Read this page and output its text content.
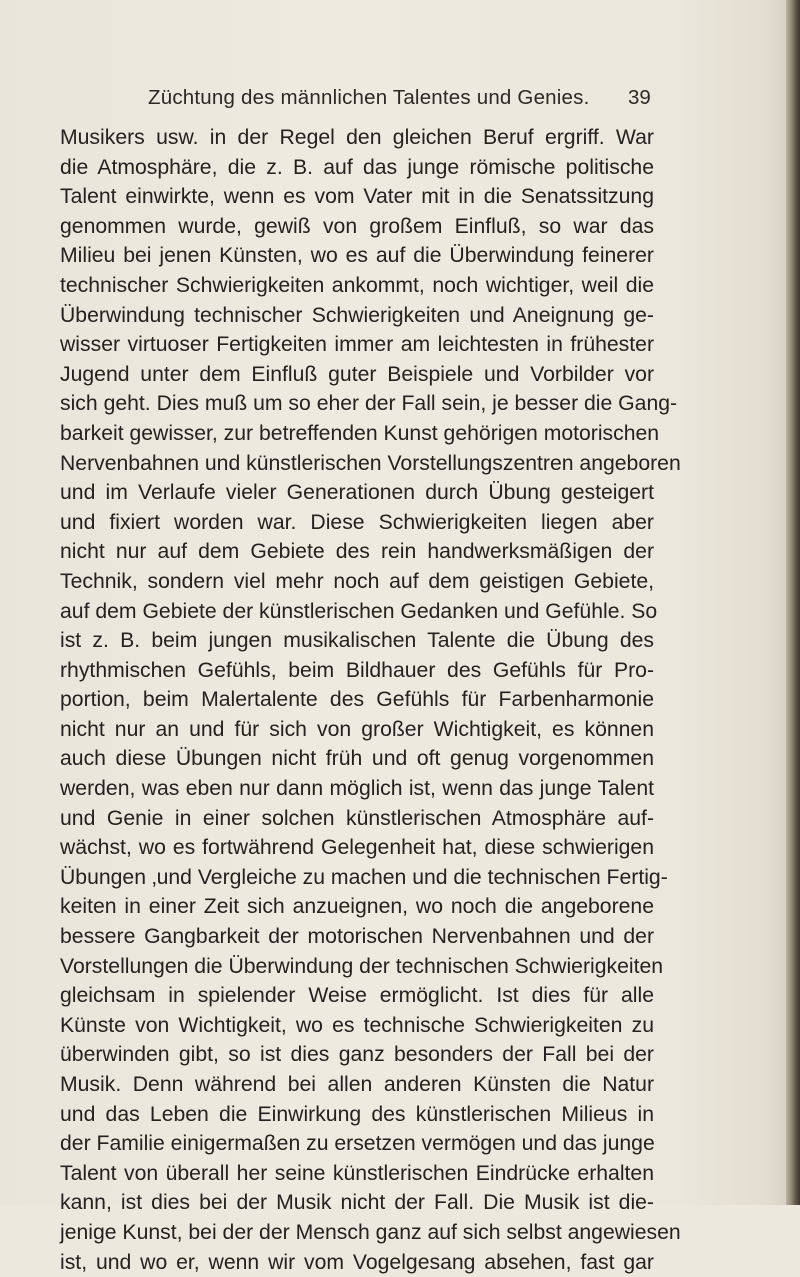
Züchtung des männlichen Talentes und Genies. 39
Musikers usw. in der Regel den gleichen Beruf ergriff. War
die Atmosphäre, die z. B. auf das junge römische politische
Talent einwirkte, wenn es vom Vater mit in die Senatssitzung
genommen wurde, gewiß von großem Einfluß, so war das
Milieu bei jenen Künsten, wo es auf die Überwindung feinerer
technischer Schwierigkeiten ankommt, noch wichtiger, weil die
Überwindung technischer Schwierigkeiten und Aneignung ge-
wisser virtuoser Fertigkeiten immer am leichtesten in frühester
Jugend unter dem Einfluß guter Beispiele und Vorbilder vor
sich geht. Dies muß um so eher der Fall sein, je besser die Gang-
barkeit gewisser, zur betreffenden Kunst gehörigen motorischen
Nervenbahnen und künstlerischen Vorstellungszentren angeboren
und im Verlaufe vieler Generationen durch Übung gesteigert
und fixiert worden war. Diese Schwierigkeiten liegen aber
nicht nur auf dem Gebiete des rein handwerksmäßigen der
Technik, sondern viel mehr noch auf dem geistigen Gebiete,
auf dem Gebiete der künstlerischen Gedanken und Gefühle. So
ist z. B. beim jungen musikalischen Talente die Übung des
rhythmischen Gefühls, beim Bildhauer des Gefühls für Pro-
portion, beim Malertalente des Gefühls für Farbenharmonie
nicht nur an und für sich von großer Wichtigkeit, es können
auch diese Übungen nicht früh und oft genug vorgenommen
werden, was eben nur dann möglich ist, wenn das junge Talent
und Genie in einer solchen künstlerischen Atmosphäre auf-
wächst, wo es fortwährend Gelegenheit hat, diese schwierigen
Übungen ‚und Vergleiche zu machen und die technischen Fertig-
keiten in einer Zeit sich anzueignen, wo noch die angeborene
bessere Gangbarkeit der motorischen Nervenbahnen und der
Vorstellungen die Überwindung der technischen Schwierigkeiten
gleichsam in spielender Weise ermöglicht. Ist dies für alle
Künste von Wichtigkeit, wo es technische Schwierigkeiten zu
überwinden gibt, so ist dies ganz besonders der Fall bei der
Musik. Denn während bei allen anderen Künsten die Natur
und das Leben die Einwirkung des künstlerischen Milieus in
der Familie einigermaßen zu ersetzen vermögen und das junge
Talent von überall her seine künstlerischen Eindrücke erhalten
kann, ist dies bei der Musik nicht der Fall. Die Musik ist die-
jenige Kunst, bei der der Mensch ganz auf sich selbst angewiesen
ist, und wo er, wenn wir vom Vogelgesang absehen, fast gar
